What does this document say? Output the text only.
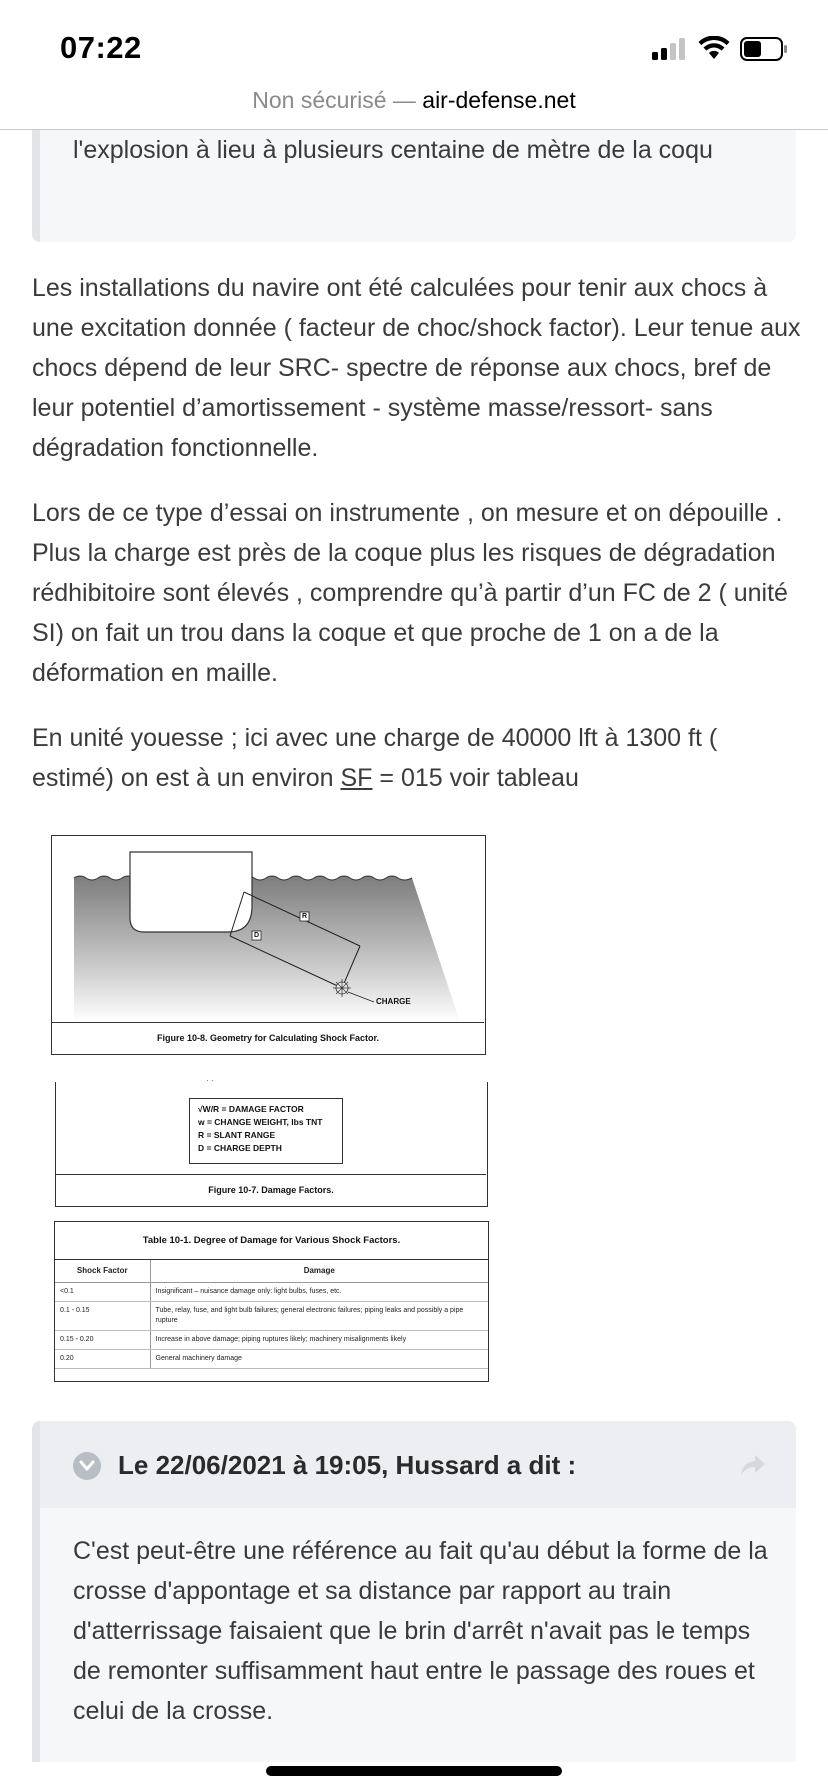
07:22
Non sécurisé — air-defense.net

l'explosion à lieu à plusieurs centaine de mètre de la coqu

Les installations du navire ont été calculées pour tenir aux chocs à une excitation donnée ( facteur de choc/shock factor). Leur tenue aux chocs dépend de leur SRC- spectre de réponse aux chocs, bref de leur potentiel d’amortissement - système masse/ressort- sans dégradation fonctionnelle.

Lors de ce type d’essai on instrumente , on mesure et on dépouille . Plus la charge est près de la coque plus les risques de dégradation rédhibitoire sont élevés , comprendre qu’à partir d’un FC de 2 ( unité SI) on fait un trou dans la coque et que proche de 1 on a de la déformation en maille.

En unité youesse ; ici avec une charge de 40000 lft à 1300 ft ( estimé) on est à un environ SF = 015 voir tableau

R
D
CHARGE
Figure 10-8. Geometry for Calculating Shock Factor.
· ·
√W/R = DAMAGE FACTOR
w = CHANGE WEIGHT, lbs TNT
R = SLANT RANGE
D = CHARGE DEPTH
Figure 10-7. Damage Factors.
Table 10-1. Degree of Damage for Various Shock Factors.
Shock Factor	Damage
<0.1	Insignificant – nuisance damage only: light bulbs, fuses, etc.
0.1 - 0.15	Tube, relay, fuse, and light bulb failures; general electronic failures; piping leaks and possibly a pipe rupture
0.15 - 0.20	Increase in above damage; piping ruptures likely; machinery misalignments likely
0.20	General machinery damage
Le 22/06/2021 à 19:05, Hussard a dit :

C'est peut-être une référence au fait qu'au début la forme de la crosse d'appontage et sa distance par rapport au train d'atterrissage faisaient que le brin d'arrêt n'avait pas le temps de remonter suffisamment haut entre le passage des roues et celui de la crosse.
